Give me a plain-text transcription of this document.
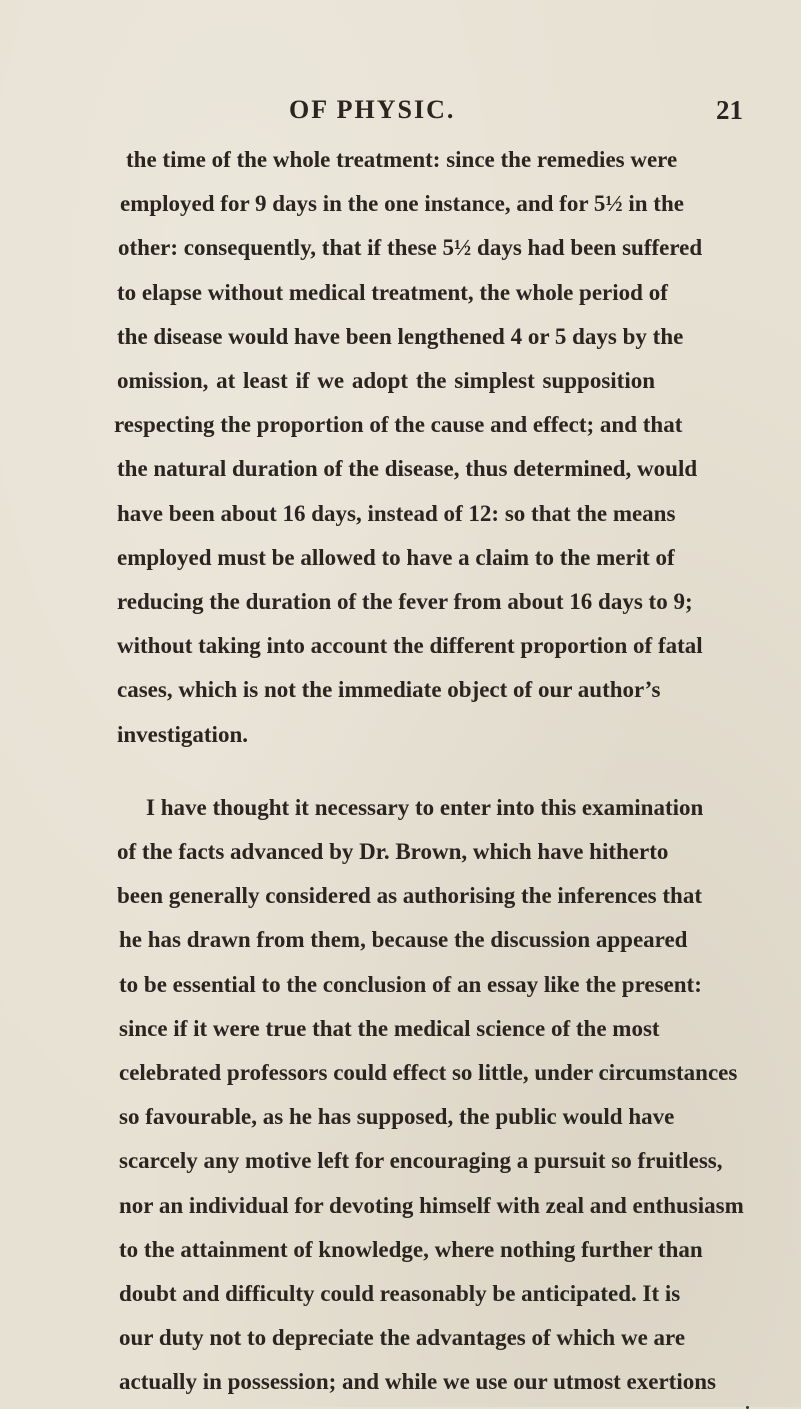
OF PHYSIC.	21
the time of the whole treatment: since the remedies were
employed for 9 days in the one instance, and for 5½ in the
other: consequently, that if these 5½ days had been suffered
to elapse without medical treatment, the whole period of
the disease would have been lengthened 4 or 5 days by the
omission, at least if we adopt the simplest supposition
respecting the proportion of the cause and effect; and that
the natural duration of the disease, thus determined, would
have been about 16 days, instead of 12: so that the means
employed must be allowed to have a claim to the merit of
reducing the duration of the fever from about 16 days to 9;
without taking into account the different proportion of fatal
cases, which is not the immediate object of our author’s
investigation.
I have thought it necessary to enter into this examination
of the facts advanced by Dr. Brown, which have hitherto
been generally considered as authorising the inferences that
he has drawn from them, because the discussion appeared
to be essential to the conclusion of an essay like the present:
since if it were true that the medical science of the most
celebrated professors could effect so little, under circumstances
so favourable, as he has supposed, the public would have
scarcely any motive left for encouraging a pursuit so fruitless,
nor an individual for devoting himself with zeal and enthusiasm
to the attainment of knowledge, where nothing further than
doubt and difficulty could reasonably be anticipated. It is
our duty not to depreciate the advantages of which we are
actually in possession; and while we use our utmost exertions
